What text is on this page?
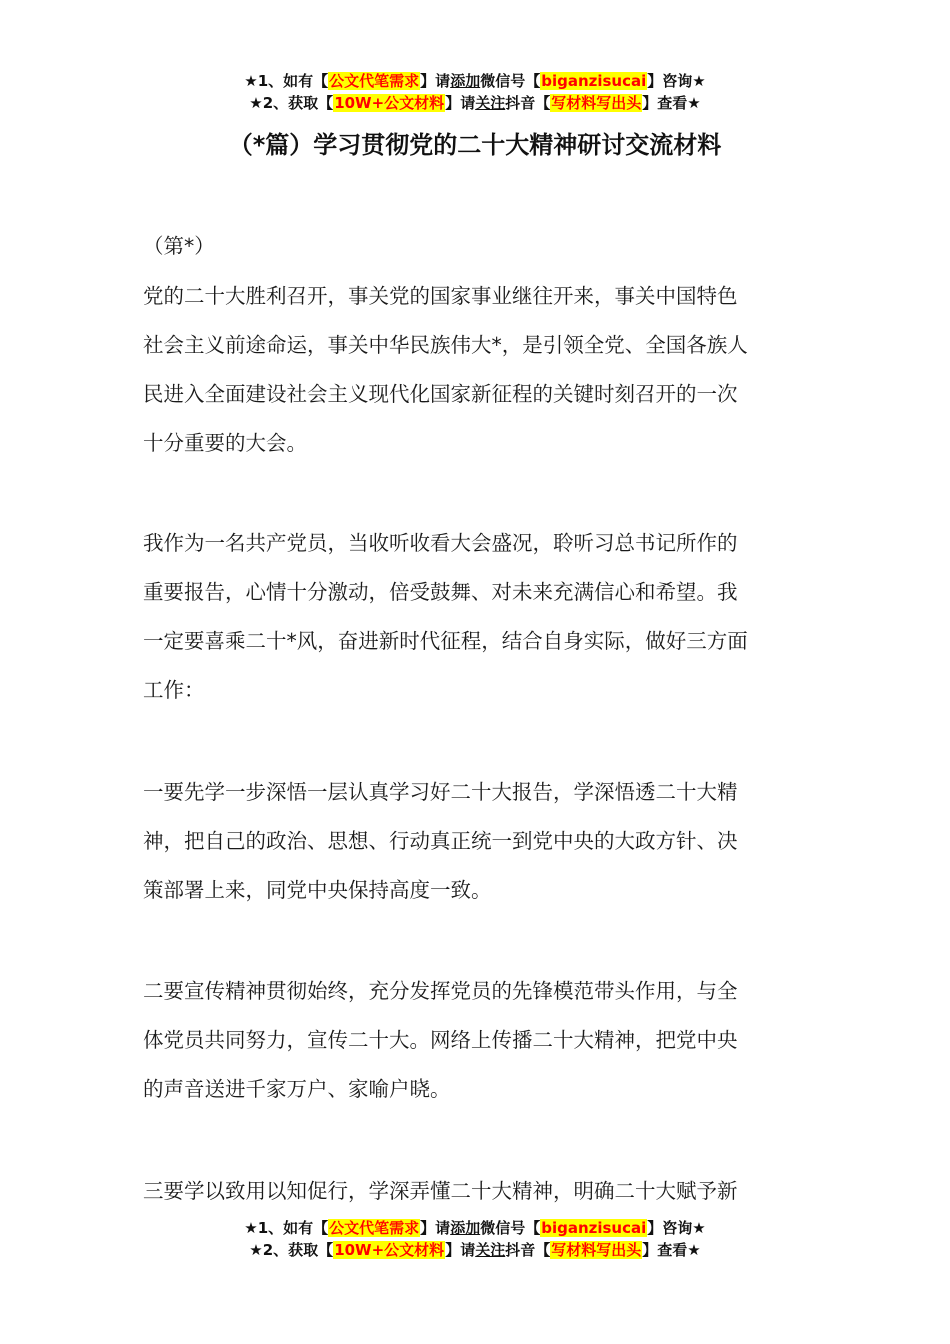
★1、如有【公文代笔需求】请添加微信号【biganzisucai】咨询★
★2、获取【10W+公文材料】请关注抖音【写材料写出头】查看★
（*篇）学习贯彻党的二十大精神研讨交流材料
（第*）
党的二十大胜利召开，事关党的国家事业继往开来，事关中国特色
社会主义前途命运，事关中华民族伟大*，是引领全党、全国各族人
民进入全面建设社会主义现代化国家新征程的关键时刻召开的一次
十分重要的大会。
我作为一名共产党员，当收听收看大会盛况，聆听习总书记所作的
重要报告，心情十分激动，倍受鼓舞、对未来充满信心和希望。我
一定要喜乘二十*风，奋进新时代征程，结合自身实际，做好三方面
工作：
一要先学一步深悟一层认真学习好二十大报告，学深悟透二十大精
神，把自己的政治、思想、行动真正统一到党中央的大政方针、决
策部署上来，同党中央保持高度一致。
二要宣传精神贯彻始终，充分发挥党员的先锋模范带头作用，与全
体党员共同努力，宣传二十大。网络上传播二十大精神，把党中央
的声音送进千家万户、家喻户晓。
三要学以致用以知促行，学深弄懂二十大精神，明确二十大赋予新
★1、如有【公文代笔需求】请添加微信号【biganzisucai】咨询★
★2、获取【10W+公文材料】请关注抖音【写材料写出头】查看★
